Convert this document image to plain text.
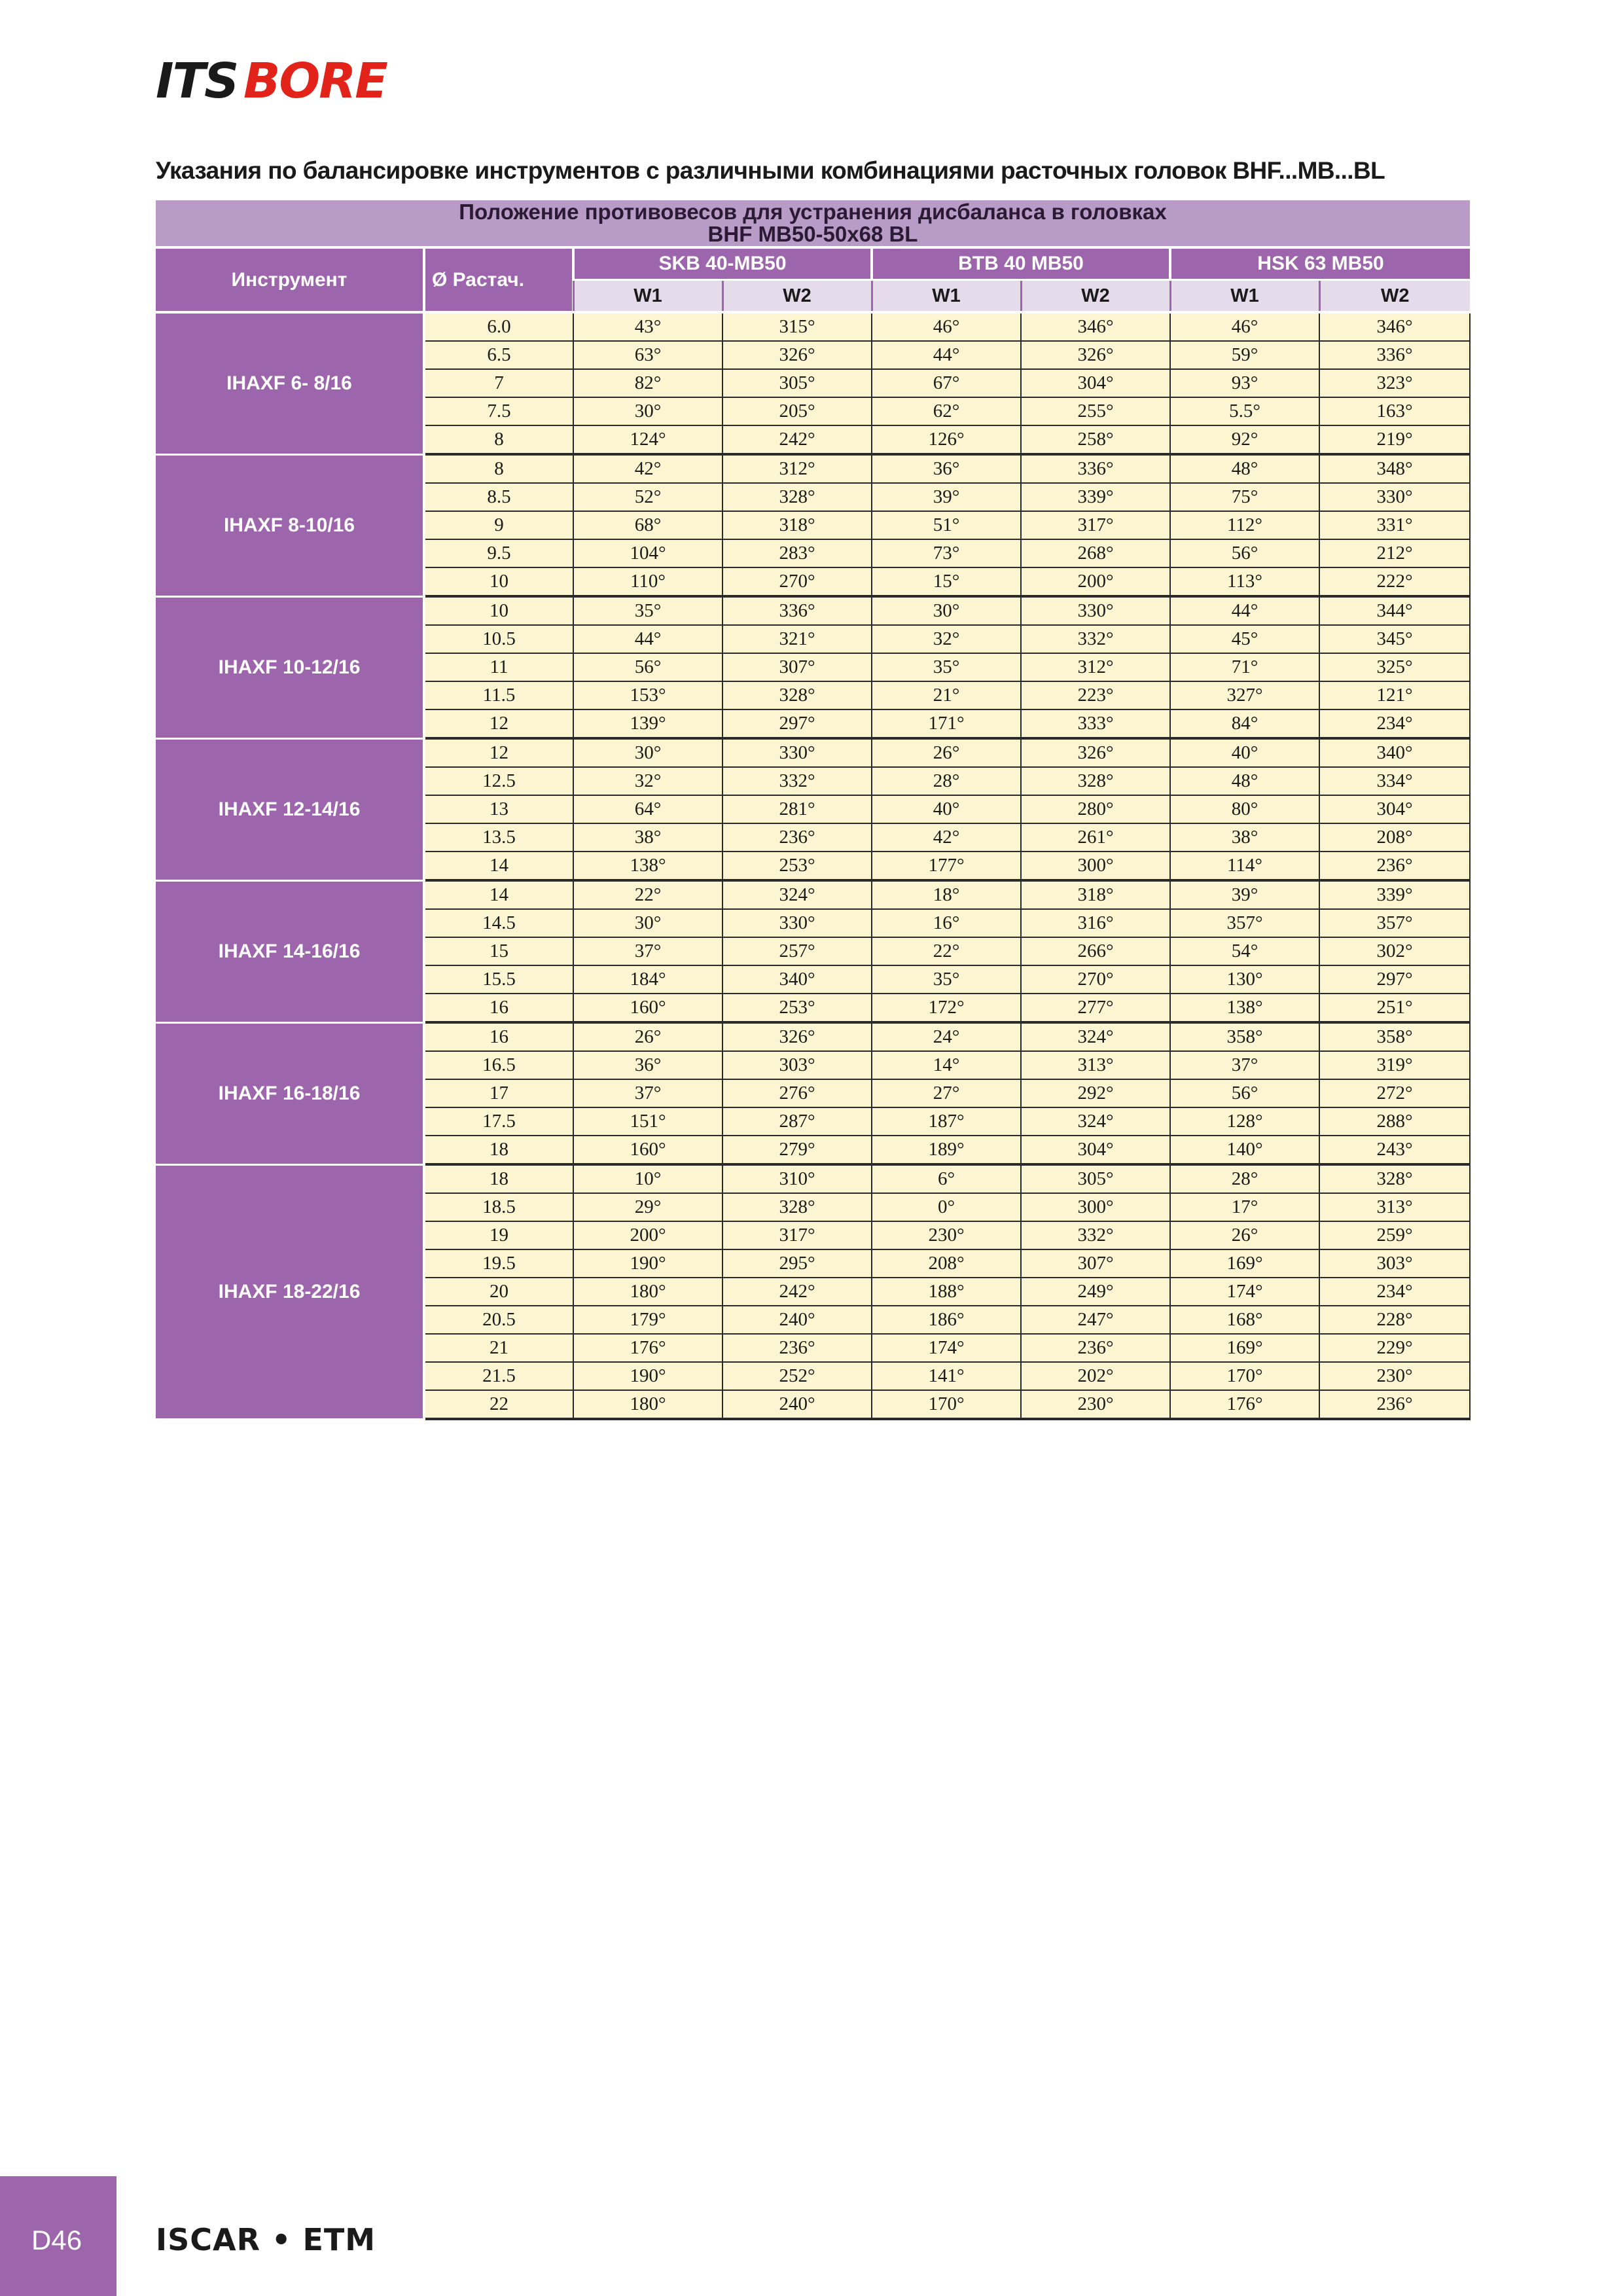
ITS BORE
Указания по балансировке инструментов с различными комбинациями расточных головок BHF...MB...BL
Положение противовесов для устранения дисбаланса в головках
BHF MB50-50x68 BL							

Инструмент	Ø Растач.	SKB 40-MB50		BTB 40 MB50		HSK 63 MB50	
		W1	W2	W1	W2	W1	W2
IHAXF 6- 8/16	6.0	43°	315°	46°	346°	46°	346°
	6.5	63°	326°	44°	326°	59°	336°
	7	82°	305°	67°	304°	93°	323°
	7.5	30°	205°	62°	255°	5.5°	163°
	8	124°	242°	126°	258°	92°	219°
IHAXF 8-10/16	8	42°	312°	36°	336°	48°	348°
	8.5	52°	328°	39°	339°	75°	330°
	9	68°	318°	51°	317°	112°	331°
	9.5	104°	283°	73°	268°	56°	212°
	10	110°	270°	15°	200°	113°	222°
IHAXF 10-12/16	10	35°	336°	30°	330°	44°	344°
	10.5	44°	321°	32°	332°	45°	345°
	11	56°	307°	35°	312°	71°	325°
	11.5	153°	328°	21°	223°	327°	121°
	12	139°	297°	171°	333°	84°	234°
IHAXF 12-14/16	12	30°	330°	26°	326°	40°	340°
	12.5	32°	332°	28°	328°	48°	334°
	13	64°	281°	40°	280°	80°	304°
	13.5	38°	236°	42°	261°	38°	208°
	14	138°	253°	177°	300°	114°	236°
IHAXF 14-16/16	14	22°	324°	18°	318°	39°	339°
	14.5	30°	330°	16°	316°	357°	357°
	15	37°	257°	22°	266°	54°	302°
	15.5	184°	340°	35°	270°	130°	297°
	16	160°	253°	172°	277°	138°	251°
IHAXF 16-18/16	16	26°	326°	24°	324°	358°	358°
	16.5	36°	303°	14°	313°	37°	319°
	17	37°	276°	27°	292°	56°	272°
	17.5	151°	287°	187°	324°	128°	288°
	18	160°	279°	189°	304°	140°	243°
IHAXF 18-22/16	18	10°	310°	6°	305°	28°	328°
	18.5	29°	328°	0°	300°	17°	313°
	19	200°	317°	230°	332°	26°	259°
	19.5	190°	295°	208°	307°	169°	303°
	20	180°	242°	188°	249°	174°	234°
	20.5	179°	240°	186°	247°	168°	228°
	21	176°	236°	174°	236°	169°	229°
	21.5	190°	252°	141°	202°	170°	230°
	22	180°	240°	170°	230°	176°	236°
D46 ISCAR • ETM
